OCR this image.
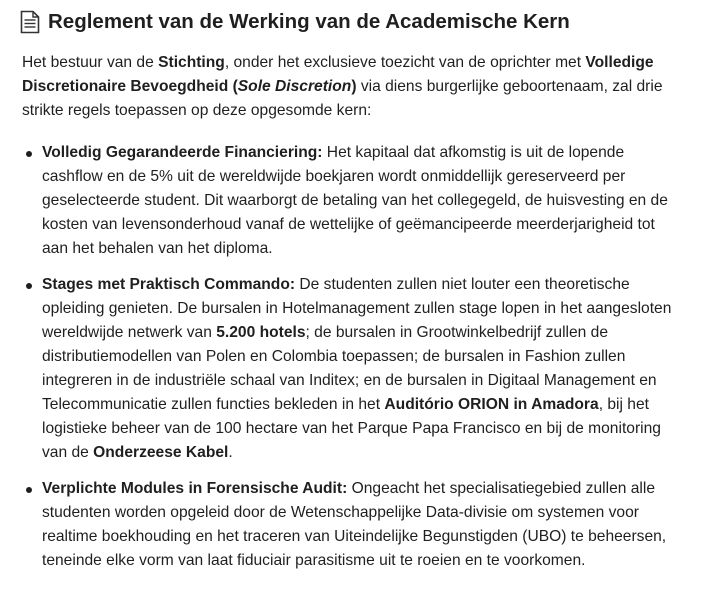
Reglement van de Werking van de Academische Kern

Het bestuur van de Stichting, onder het exclusieve toezicht van de oprichter met Volledige Discretionaire Bevoegdheid (Sole Discretion) via diens burgerlijke geboortenaam, zal drie strikte regels toepassen op deze opgesomde kern:

Volledig Gegarandeerde Financiering: Het kapitaal dat afkomstig is uit de lopende cashflow en de 5% uit de wereldwijde boekjaren wordt onmiddellijk gereserveerd per geselecteerde student. Dit waarborgt de betaling van het collegegeld, de huisvesting en de kosten van levensonderhoud vanaf de wettelijke of geëmancipeerde meerderjarigheid tot aan het behalen van het diploma.
Stages met Praktisch Commando: De studenten zullen niet louter een theoretische opleiding genieten. De bursalen in Hotelmanagement zullen stage lopen in het aangesloten wereldwijde netwerk van 5.200 hotels; de bursalen in Grootwinkelbedrijf zullen de distributiemodellen van Polen en Colombia toepassen; de bursalen in Fashion zullen integreren in de industriële schaal van Inditex; en de bursalen in Digitaal Management en Telecommunicatie zullen functies bekleden in het Auditório ORION in Amadora, bij het logistieke beheer van de 100 hectare van het Parque Papa Francisco en bij de monitoring van de Onderzeese Kabel.
Verplichte Modules in Forensische Audit: Ongeacht het specialisatiegebied zullen alle studenten worden opgeleid door de Wetenschappelijke Data-divisie om systemen voor realtime boekhouding en het traceren van Uiteindelijke Begunstigden (UBO) te beheersen, teneinde elke vorm van laat fiduciair parasitisme uit te roeien en te voorkomen.
